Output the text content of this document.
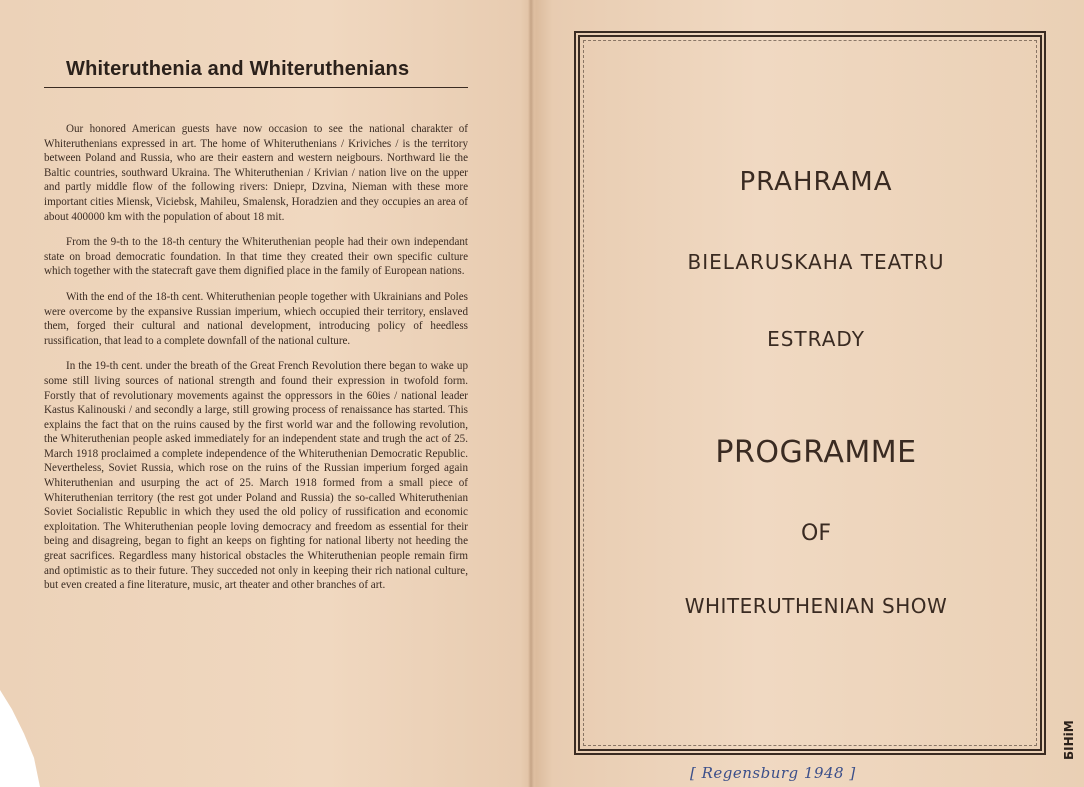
Whiteruthenia and Whiteruthenians

Our honored American guests have now occasion to see the national charakter of Whiteruthenians expressed in art. The home of Whiteruthenians / Kriviches / is the territory between Poland and Russia, who are their eastern and western neigbours. Northward lie the Baltic countries, southward Ukraina. The Whiteruthenian / Krivian / nation live on the upper and partly middle flow of the following rivers: Dniepr, Dzvina, Nieman with these more important cities Miensk, Viciebsk, Mahileu, Smalensk, Horadzien and they occupies an area of about 400000 km with the population of about 18 mit.

From the 9-th to the 18-th century the Whiteruthenian people had their own independant state on broad democratic foundation. In that time they created their own specific culture which together with the statecraft gave them dignified place in the family of European nations.

With the end of the 18-th cent. Whiteruthenian people together with Ukrainians and Poles were overcome by the expansive Russian imperium, whiech occupied their territory, enslaved them, forged their cultural and national development, introducing policy of heedless russification, that lead to a complete downfall of the national culture.

In the 19-th cent. under the breath of the Great French Revolution there began to wake up some still living sources of national strength and found their expression in twofold form. Forstly that of revolutionary movements against the oppressors in the 60ies / national leader Kastus Kalinouski / and secondly a large, still growing process of renaissance has started. This explains the fact that on the ruins caused by the first world war and the following revolution, the Whiteruthenian people asked immediately for an independent state and trugh the act of 25. March 1918 proclaimed a complete independence of the Whiteruthenian Democratic Republic. Nevertheless, Soviet Russia, which rose on the ruins of the Russian imperium forged again Whiteruthenian and usurping the act of 25. March 1918 formed from a small piece of Whiteruthenian territory (the rest got under Poland and Russia) the so-called Whiteruthenian Soviet Socialistic Republic in which they used the old policy of russification and economic exploitation. The Whiteruthenian people loving democracy and freedom as essential for their being and disagreing, began to fight an keeps on fighting for national liberty not heeding the great sacrifices. Regardless many historical obstacles the Whiteruthenian people remain firm and optimistic as to their future. They succeded not only in keeping their rich national culture, but even created a fine literature, music, art theater and other branches of art.

PRAHRAMA
BIELARUSKAHA TEATRU
ESTRADY
PROGRAMME
OF
WHITERUTHENIAN SHOW
[ Regensburg 1948 ]
БІНіМ
